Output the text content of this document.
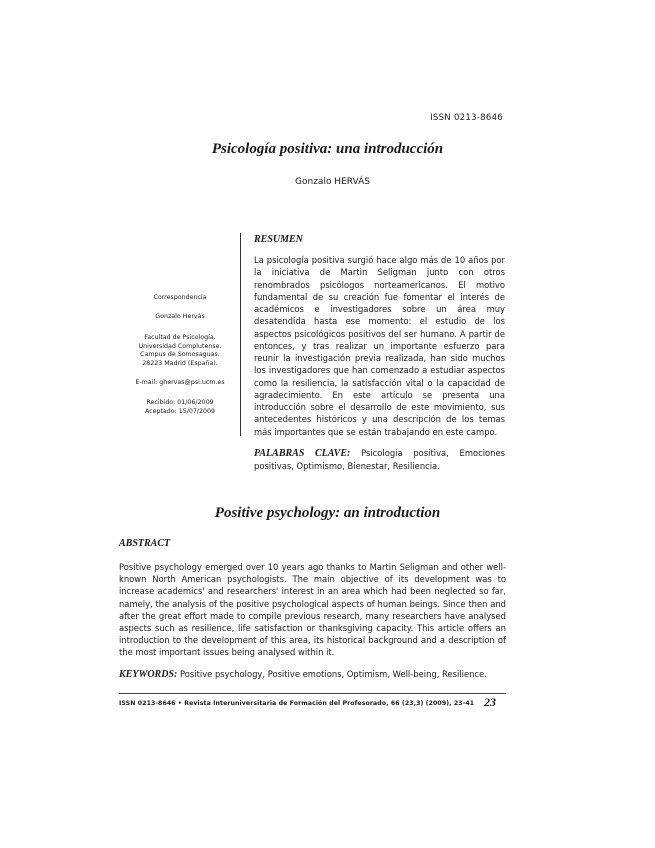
ISSN 0213-8646
Psicología positiva: una introducción
Gonzalo HERVÁS
Correspondencia
Gonzalo Hervás
Facultad de Psicología.
Universidad Complutense.
Campus de Somosaguas.
28223 Madrid (España).
E-mail: ghervas@psi.ucm.es
Recibido: 01/06/2009
Aceptado: 15/07/2009
RESUMEN
La psicología positiva surgió hace algo más de 10 años por la iniciativa de Martin Seligman junto con otros renombrados psicólogos norteamericanos. El motivo fundamental de su creación fue fomentar el interés de académicos e investigadores sobre un área muy desatendida hasta ese momento: el estudio de los aspectos psicológicos positivos del ser humano. A partir de entonces, y tras realizar un importante esfuerzo para reunir la investigación previa realizada, han sido muchos los investigadores que han comenzado a estudiar aspectos como la resiliencia, la satisfacción vital o la capacidad de agradecimiento. En este artículo se presenta una introducción sobre el desarrollo de este movimiento, sus antecedentes históricos y una descripción de los temas más importantes que se están trabajando en este campo.
PALABRAS CLAVE: Psicología positiva, Emociones positivas, Optimismo, Bienestar, Resiliencia.
Positive psychology: an introduction
ABSTRACT
Positive psychology emerged over 10 years ago thanks to Martin Seligman and other well-known North American psychologists. The main objective of its development was to increase academics' and researchers' interest in an area which had been neglected so far, namely, the analysis of the positive psychological aspects of human beings. Since then and after the great effort made to compile previous research, many researchers have analysed aspects such as resilience, life satisfaction or thanksgiving capacity. This article offers an introduction to the development of this area, its historical background and a description of the most important issues being analysed within it.
KEYWORDS: Positive psychology, Positive emotions, Optimism, Well-being, Resilience.
ISSN 0213-8646 • Revista Interuniversitaria de Formación del Profesorado, 66 (23,3) (2009), 23-41 23
